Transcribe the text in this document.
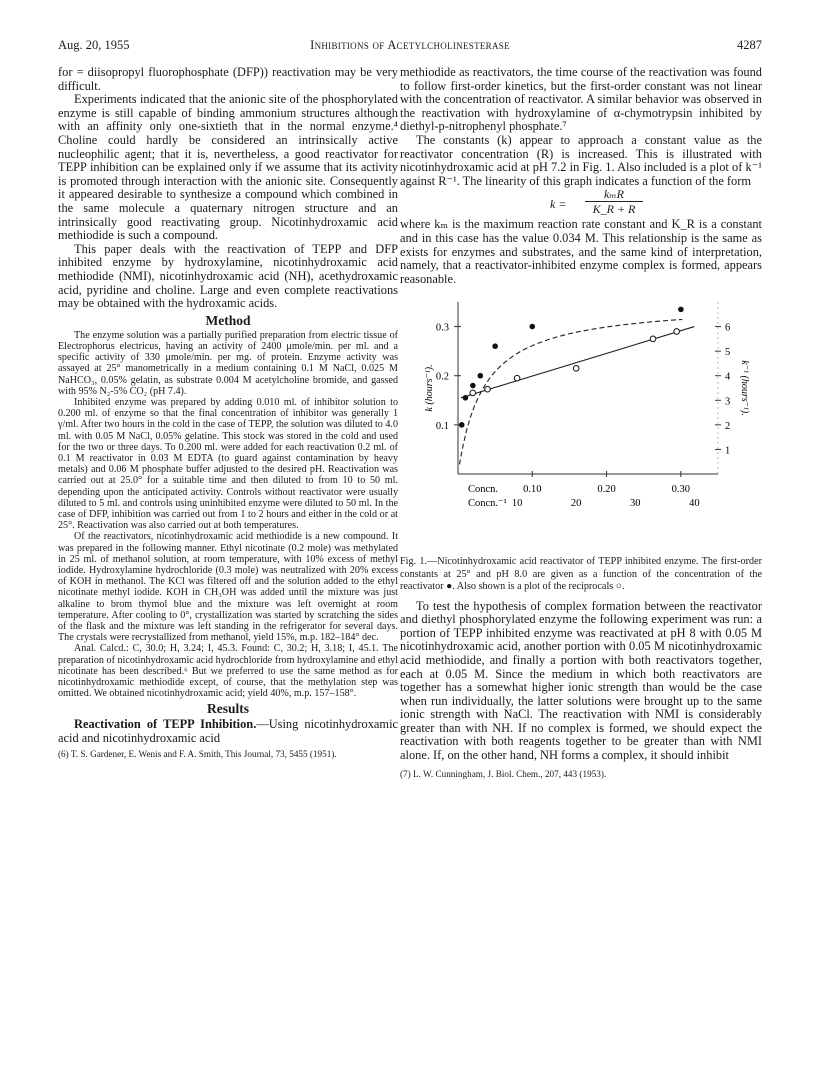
Aug. 20, 1955	Inhibitions of Acetylcholinesterase	4287

for = diisopropyl fluorophosphate (DFP)) reactivation may be very difficult.

Experiments indicated that the anionic site of the phosphorylated enzyme is still capable of binding ammonium structures although with an affinity only one-sixtieth that in the normal enzyme.⁴ Choline could hardly be considered an intrinsically active nucleophilic agent; that it is, nevertheless, a good reactivator for TEPP inhibition can be explained only if we assume that its activity is promoted through interaction with the anionic site. Consequently it appeared desirable to synthesize a compound which combined in the same molecule a quaternary nitrogen structure and an intrinsically good reactivating group. Nicotinhydroxamic acid methiodide is such a compound.

This paper deals with the reactivation of TEPP and DFP inhibited enzyme by hydroxylamine, nicotinhydroxamic acid methiodide (NMI), nicotinhydroxamic acid (NH), acethydroxamic acid, pyridine and choline. Large and even complete reactivations may be obtained with the hydroxamic acids.

Method

The enzyme solution was a partially purified preparation from electric tissue of Electrophorus electricus, having an activity of 2400 μmole/min. per ml. and a specific activity of 330 μmole/min. per mg. of protein. Enzyme activity was assayed at 25° manometrically in a medium containing 0.1 M NaCl, 0.025 M NaHCO₃, 0.05% gelatin, as substrate 0.004 M acetylcholine bromide, and gassed with 95% N₂-5% CO₂ (pH 7.4).

Inhibited enzyme was prepared by adding 0.010 ml. of inhibitor solution to 0.200 ml. of enzyme so that the final concentration of inhibitor was generally 1 γ/ml. After two hours in the cold in the case of TEPP, the solution was diluted to 4.0 ml. with 0.05 M NaCl, 0.05% gelatine. This stock was stored in the cold and used for the two or three days. To 0.200 ml. were added for each reactivation 0.2 ml. of 0.1 M reactivator in 0.03 M EDTA (to guard against contamination by heavy metals) and 0.06 M phosphate buffer adjusted to the desired pH. Reactivation was carried out at 25.0° for a suitable time and then diluted to from 10 to 50 ml. depending upon the anticipated activity. Controls without reactivator were usually diluted to 5 ml. and controls using uninhibited enzyme were diluted to 50 ml. In the case of DFP, inhibition was carried out from 1 to 2 hours and either in the cold or at 25°. Reactivation was also carried out at both temperatures.

Of the reactivators, nicotinhydroxamic acid methiodide is a new compound. It was prepared in the following manner. Ethyl nicotinate (0.2 mole) was methylated in 25 ml. of methanol solution, at room temperature, with 10% excess of methyl iodide. Hydroxylamine hydrochloride (0.3 mole) was neutralized with 20% excess of KOH in methanol. The KCl was filtered off and the solution added to the ethyl nicotinate methyl iodide. KOH in CH₃OH was added until the mixture was just alkaline to brom thymol blue and the mixture was left overnight at room temperature. After cooling to 0°, crystallization was started by scratching the sides of the flask and the mixture was left standing in the refrigerator for several days. The crystals were recrystallized from methanol, yield 15%, m.p. 182–184° dec.

Anal. Calcd.: C, 30.0; H, 3.24; I, 45.3. Found: C, 30.2; H, 3.18; I, 45.1. The preparation of nicotinhydroxamic acid hydrochloride from hydroxylamine and ethyl nicotinate has been described.⁶ But we preferred to use the same method as for nicotinhydroxamic methiodide except, of course, that the methylation step was omitted. We obtained nicotinhydroxamic acid; yield 40%, m.p. 157–158°.

Results

Reactivation of TEPP Inhibition.—Using nicotinhydroxamic acid and nicotinhydroxamic acid

(6) T. S. Gardener, E. Wenis and F. A. Smith, This Journal, 73, 5455 (1951).

methiodide as reactivators, the time course of the reactivation was found to follow first-order kinetics, but the first-order constant was not linear with the concentration of reactivator. A similar behavior was observed in the reactivation with hydroxylamine of α-chymotrypsin inhibited by diethyl-p-nitrophenyl phosphate.⁷

The constants (k) appear to approach a constant value as the reactivator concentration (R) is increased. This is illustrated with nicotinhydroxamic acid at pH 7.2 in Fig. 1. Also included is a plot of k⁻¹ against R⁻¹. The linearity of this graph indicates a function of the form

k =
kₘR
K_R + R

where kₘ is the maximum reaction rate constant and K_R is a constant and in this case has the value 0.034 M. This relationship is the same as exists for enzymes and substrates, and the same kind of interpretation, namely, that a reactivator-inhibited enzyme complex is formed, appears reasonable.

0.1
0.2
0.3
1
2
3
4
5
6
k (hours⁻¹).	k⁻¹ (hours⁻¹).
Concn. 0.10	0.20	0.30
Concn.⁻¹ 10	20	30	40

Fig. 1.—Nicotinhydroxamic acid reactivator of TEPP inhibited enzyme. The first-order constants at 25° and pH 8.0 are given as a function of the concentration of the reactivator ●. Also shown is a plot of the reciprocals ○.

To test the hypothesis of complex formation between the reactivator and diethyl phosphorylated enzyme the following experiment was run: a portion of TEPP inhibited enzyme was reactivated at pH 8 with 0.05 M nicotinhydroxamic acid, another portion with 0.05 M nicotinhydroxamic acid methiodide, and finally a portion with both reactivators together, each at 0.05 M. Since the medium in which both reactivators are together has a somewhat higher ionic strength than would be the case when run individually, the latter solutions were brought up to the same ionic strength with NaCl. The reactivation with NMI is considerably greater than with NH. If no complex is formed, we should expect the reactivation with both reagents together to be greater than with NMI alone. If, on the other hand, NH forms a complex, it should inhibit

(7) L. W. Cunningham, J. Biol. Chem., 207, 443 (1953).
